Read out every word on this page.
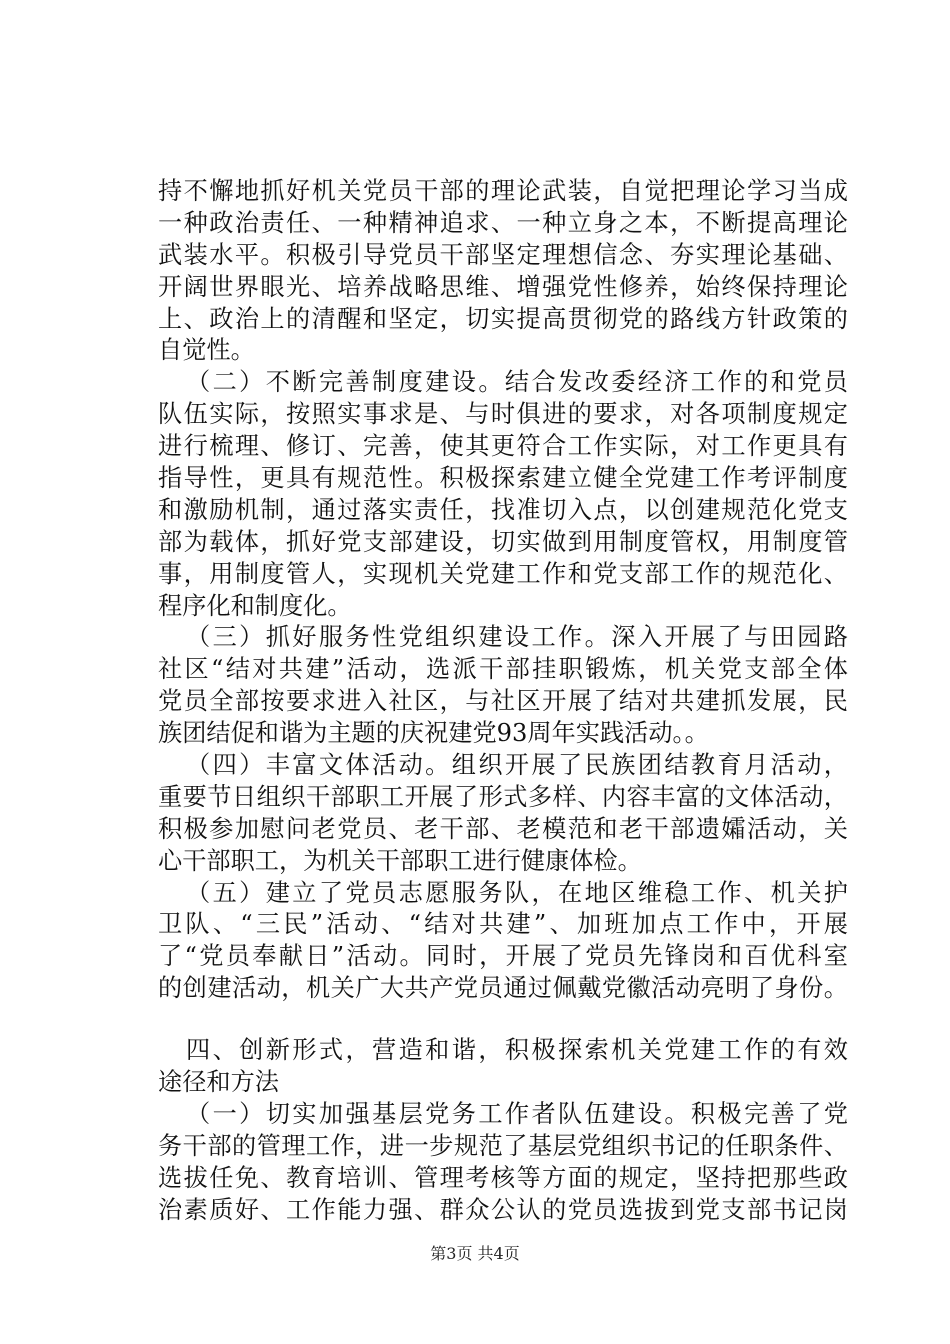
持不懈地抓好机关党员干部的理论武装，自觉把理论学习当成
一种政治责任、一种精神追求、一种立身之本，不断提高理论
武装水平。积极引导党员干部坚定理想信念、夯实理论基础、
开阔世界眼光、培养战略思维、增强党性修养，始终保持理论
上、政治上的清醒和坚定，切实提高贯彻党的路线方针政策的
自觉性。
（二）不断完善制度建设。结合发改委经济工作的和党员
队伍实际，按照实事求是、与时俱进的要求，对各项制度规定
进行梳理、修订、完善，使其更符合工作实际，对工作更具有
指导性，更具有规范性。积极探索建立健全党建工作考评制度
和激励机制，通过落实责任，找准切入点，以创建规范化党支
部为载体，抓好党支部建设，切实做到用制度管权，用制度管
事，用制度管人，实现机关党建工作和党支部工作的规范化、
程序化和制度化。
（三）抓好服务性党组织建设工作。深入开展了与田园路
社区“结对共建”活动，选派干部挂职锻炼，机关党支部全体
党员全部按要求进入社区，与社区开展了结对共建抓发展，民
族团结促和谐为主题的庆祝建党93周年实践活动。。
（四）丰富文体活动。组织开展了民族团结教育月活动，
重要节日组织干部职工开展了形式多样、内容丰富的文体活动，
积极参加慰问老党员、老干部、老模范和老干部遗孀活动，关
心干部职工，为机关干部职工进行健康体检。
（五）建立了党员志愿服务队，在地区维稳工作、机关护
卫队、“三民”活动、“结对共建”、加班加点工作中，开展
了“党员奉献日”活动。同时，开展了党员先锋岗和百优科室
的创建活动，机关广大共产党员通过佩戴党徽活动亮明了身份。
四、创新形式，营造和谐，积极探索机关党建工作的有效
途径和方法
（一）切实加强基层党务工作者队伍建设。积极完善了党
务干部的管理工作，进一步规范了基层党组织书记的任职条件、
选拔任免、教育培训、管理考核等方面的规定，坚持把那些政
治素质好、工作能力强、群众公认的党员选拔到党支部书记岗
第3页 共4页
